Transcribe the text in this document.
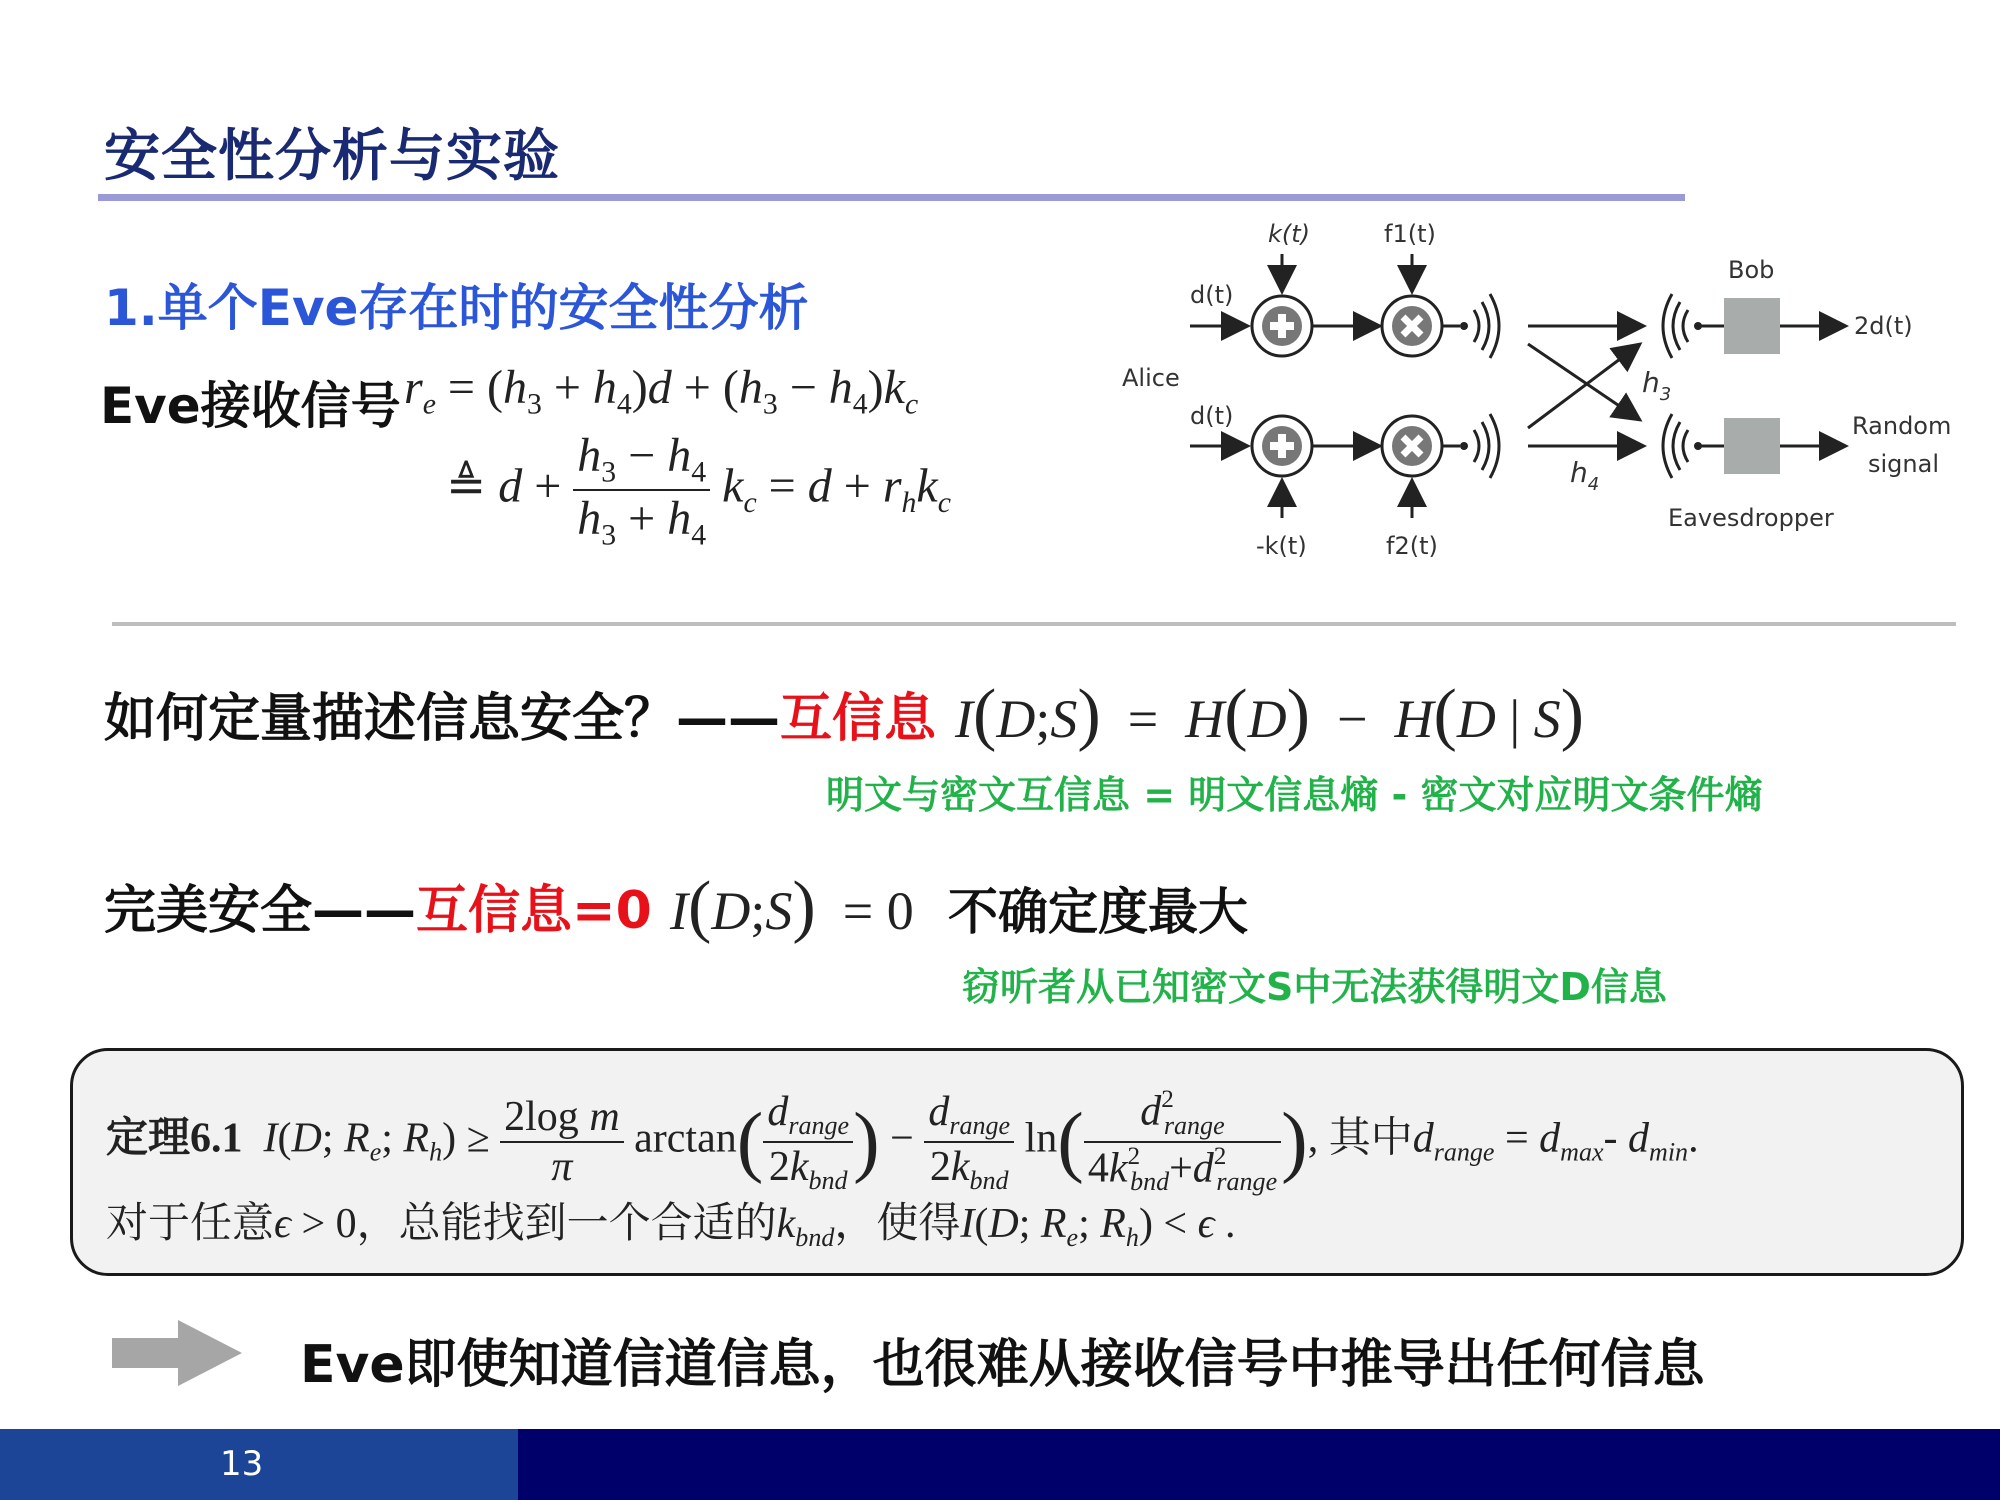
安全性分析与实验
1.单个Eve存在时的安全性分析
Eve接收信号 $r_e = (h_3 + h_4)d + (h_3 - h_4)k_c$
≜ $d + \frac{h_3 - h_4}{h_3 + h_4} k_c = d + r_hk_c$
d(t)
k(t)	f1(t)
Alice
d(t)
-k(t)	f2(t)
$h_3$
$h_4$
Bob
2d(t)
Random
signal
Eavesdropper
如何定量描述信息安全？——互信息 I(D;S)  =  H(D)  −  H(D | S)
明文与密文互信息 = 明文信息熵 - 密文对应明文条件熵
完美安全——互信息=0 I(D;S)  = 0 不确定度最大
窃听者从已知密文S中无法获得明文D信息
定理6.1 I(D; $R_e$; $R_h) \ge \frac{\text{2log m}}{\pi} \arctan( \frac{d_{range}}{2k_{bnd}}$ ) − $\frac{d_{range}}{2k_{bnd}} \ln( \frac{d^2_{range}}{4k^2_{bnd}+d^2_{range}}$ ), 其中$d_{range} = d_{max}-$ $d_{min}$.
对于任意ϵ > 0，总能找到一个合适的$k_{bnd}$，使得I(D; $R_e$; $R_h) < \epsilon$ .
Eve即使知道信道信息，也很难从接收信号中推导出任何信息
13
